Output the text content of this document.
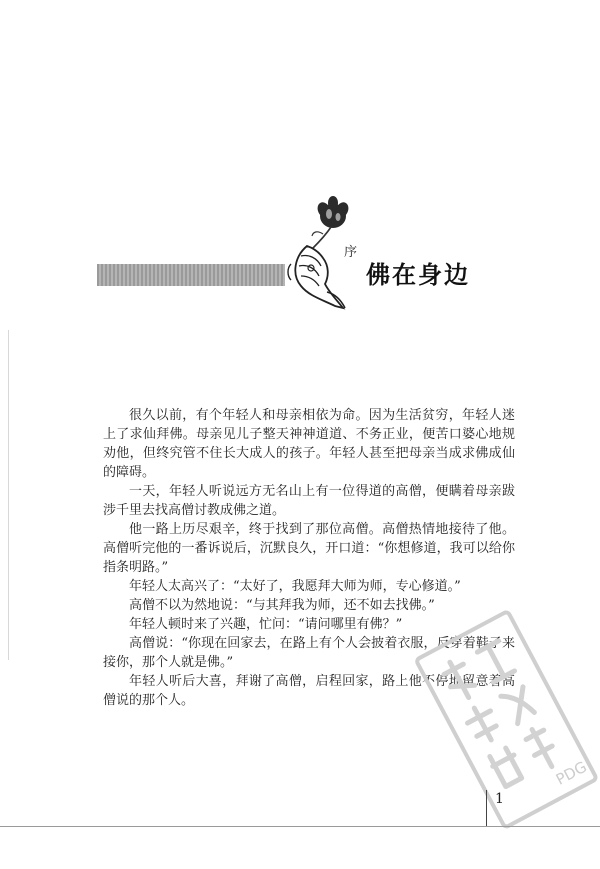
序
佛在身边

很久以前，有个年轻人和母亲相依为命。因为生活贫穷，年轻人迷上了求仙拜佛。母亲见儿子整天神神道道、不务正业，便苦口婆心地规劝他，但终究管不住长大成人的孩子。年轻人甚至把母亲当成求佛成仙的障碍。

一天，年轻人听说远方无名山上有一位得道的高僧，便瞒着母亲跋涉千里去找高僧讨教成佛之道。

他一路上历尽艰辛，终于找到了那位高僧。高僧热情地接待了他。高僧听完他的一番诉说后，沉默良久，开口道：“你想修道，我可以给你指条明路。”

年轻人太高兴了：“太好了，我愿拜大师为师，专心修道。”

高僧不以为然地说：“与其拜我为师，还不如去找佛。”

年轻人顿时来了兴趣，忙问：“请问哪里有佛？”

高僧说：“你现在回家去，在路上有个人会披着衣服，反穿着鞋子来接你，那个人就是佛。”

年轻人听后大喜，拜谢了高僧，启程回家，路上他不停地留意着高僧说的那个人。

PDG
1
